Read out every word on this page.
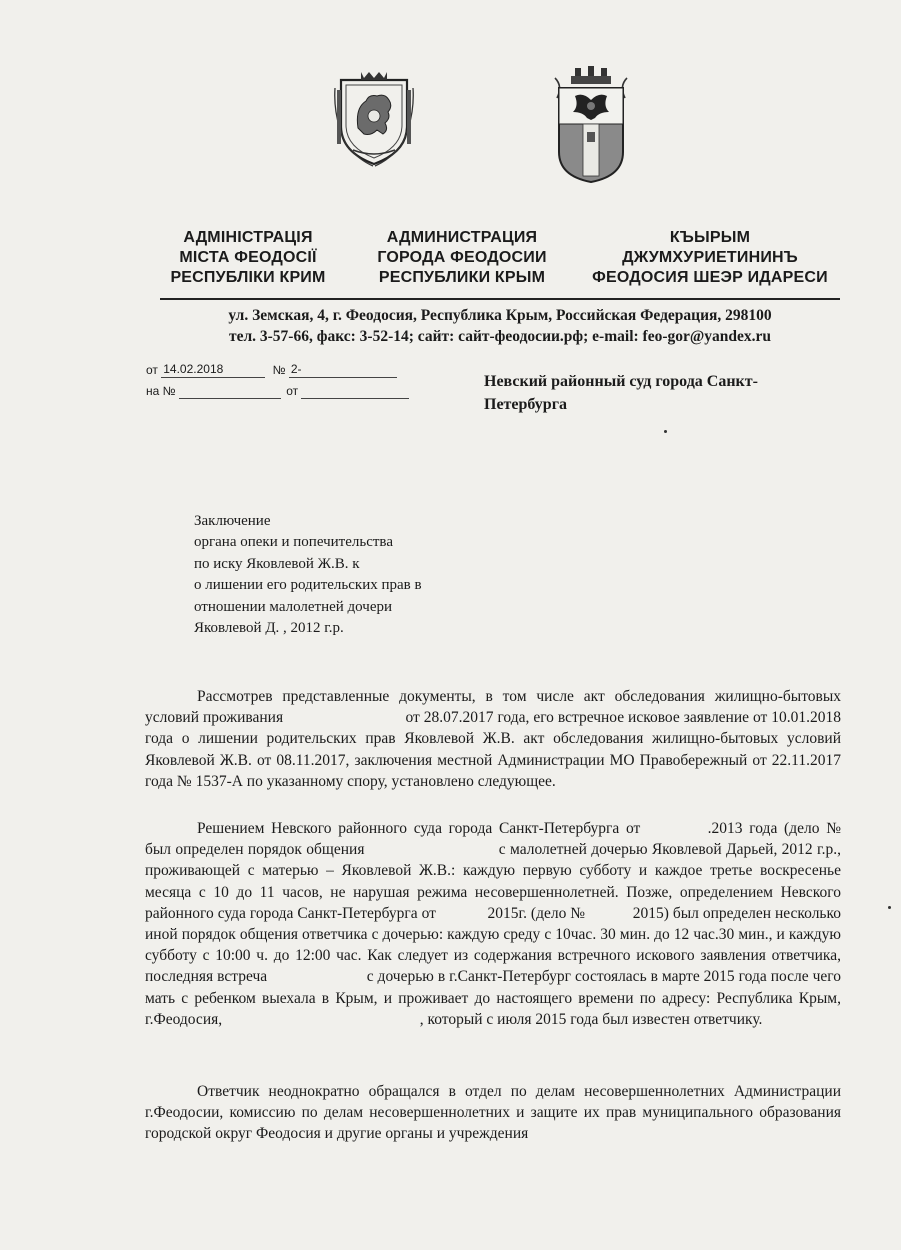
АДМІНІСТРАЦІЯ
МІСТА ФЕОДОСІЇ
РЕСПУБЛІКИ КРИМ
АДМИНИСТРАЦИЯ
ГОРОДА ФЕОДОСИИ
РЕСПУБЛИКИ КРЫМ
КЪЫРЫМ
ДЖУМХУРИЕТИНИНЪ
ФЕОДОСИЯ ШЕЭР ИДАРЕСИ
ул. Земская, 4, г. Феодосия, Республика Крым, Российская Федерация, 298100
тел. 3-57-66, факс: 3-52-14; сайт: сайт-феодосии.рф; e-mail: feo-gor@yandex.ru
от 14.02.2018	№ 2-
на №	от
Невский районный суд города Санкт-Петербурга
Заключение
органа опеки и попечительства
по иску Яковлевой Ж.В. к
о лишении его родительских прав в
отношении малолетней дочери
Яковлевой Д. , 2012 г.р.

Рассмотрев представленные документы, в том числе акт обследования жилищно-бытовых условий проживания                               от 28.07.2017 года, его встречное исковое заявление от 10.01.2018 года о лишении родительских прав Яковлевой Ж.В. акт обследования жилищно-бытовых условий Яковлевой Ж.В. от 08.11.2017, заключения местной Администрации МО Правобережный от 22.11.2017 года № 1537-А по указанному спору, установлено следующее.

Решением Невского районного суда города Санкт-Петербурга от          .2013 года (дело №              был определен порядок общения                               с малолетней дочерью Яковлевой Дарьей, 2012 г.р., проживающей с матерью – Яковлевой Ж.В.: каждую первую субботу и каждое третье воскресенье месяца с 10 до 11 часов, не нарушая режима несовершеннолетней. Позже, определением Невского районного суда города Санкт-Петербурга от             2015г. (дело №            2015) был определен несколько иной порядок общения ответчика с дочерью: каждую среду с 10час. 30 мин. до 12 час.30 мин., и каждую субботу с 10:00 ч. до 12:00 час. Как следует из содержания встречного искового заявления ответчика, последняя встреча                         с дочерью в г.Санкт-Петербург состоялась в марте 2015 года после чего мать с ребенком выехала в Крым, и проживает до настоящего времени по адресу: Республика Крым, г.Феодосия,                                                   , который с июля 2015 года был известен ответчику.

Ответчик неоднократно обращался в отдел по делам несовершеннолетних Администрации г.Феодосии, комиссию по делам несовершеннолетних и защите их прав муниципального образования городской округ Феодосия и другие органы и учреждения
